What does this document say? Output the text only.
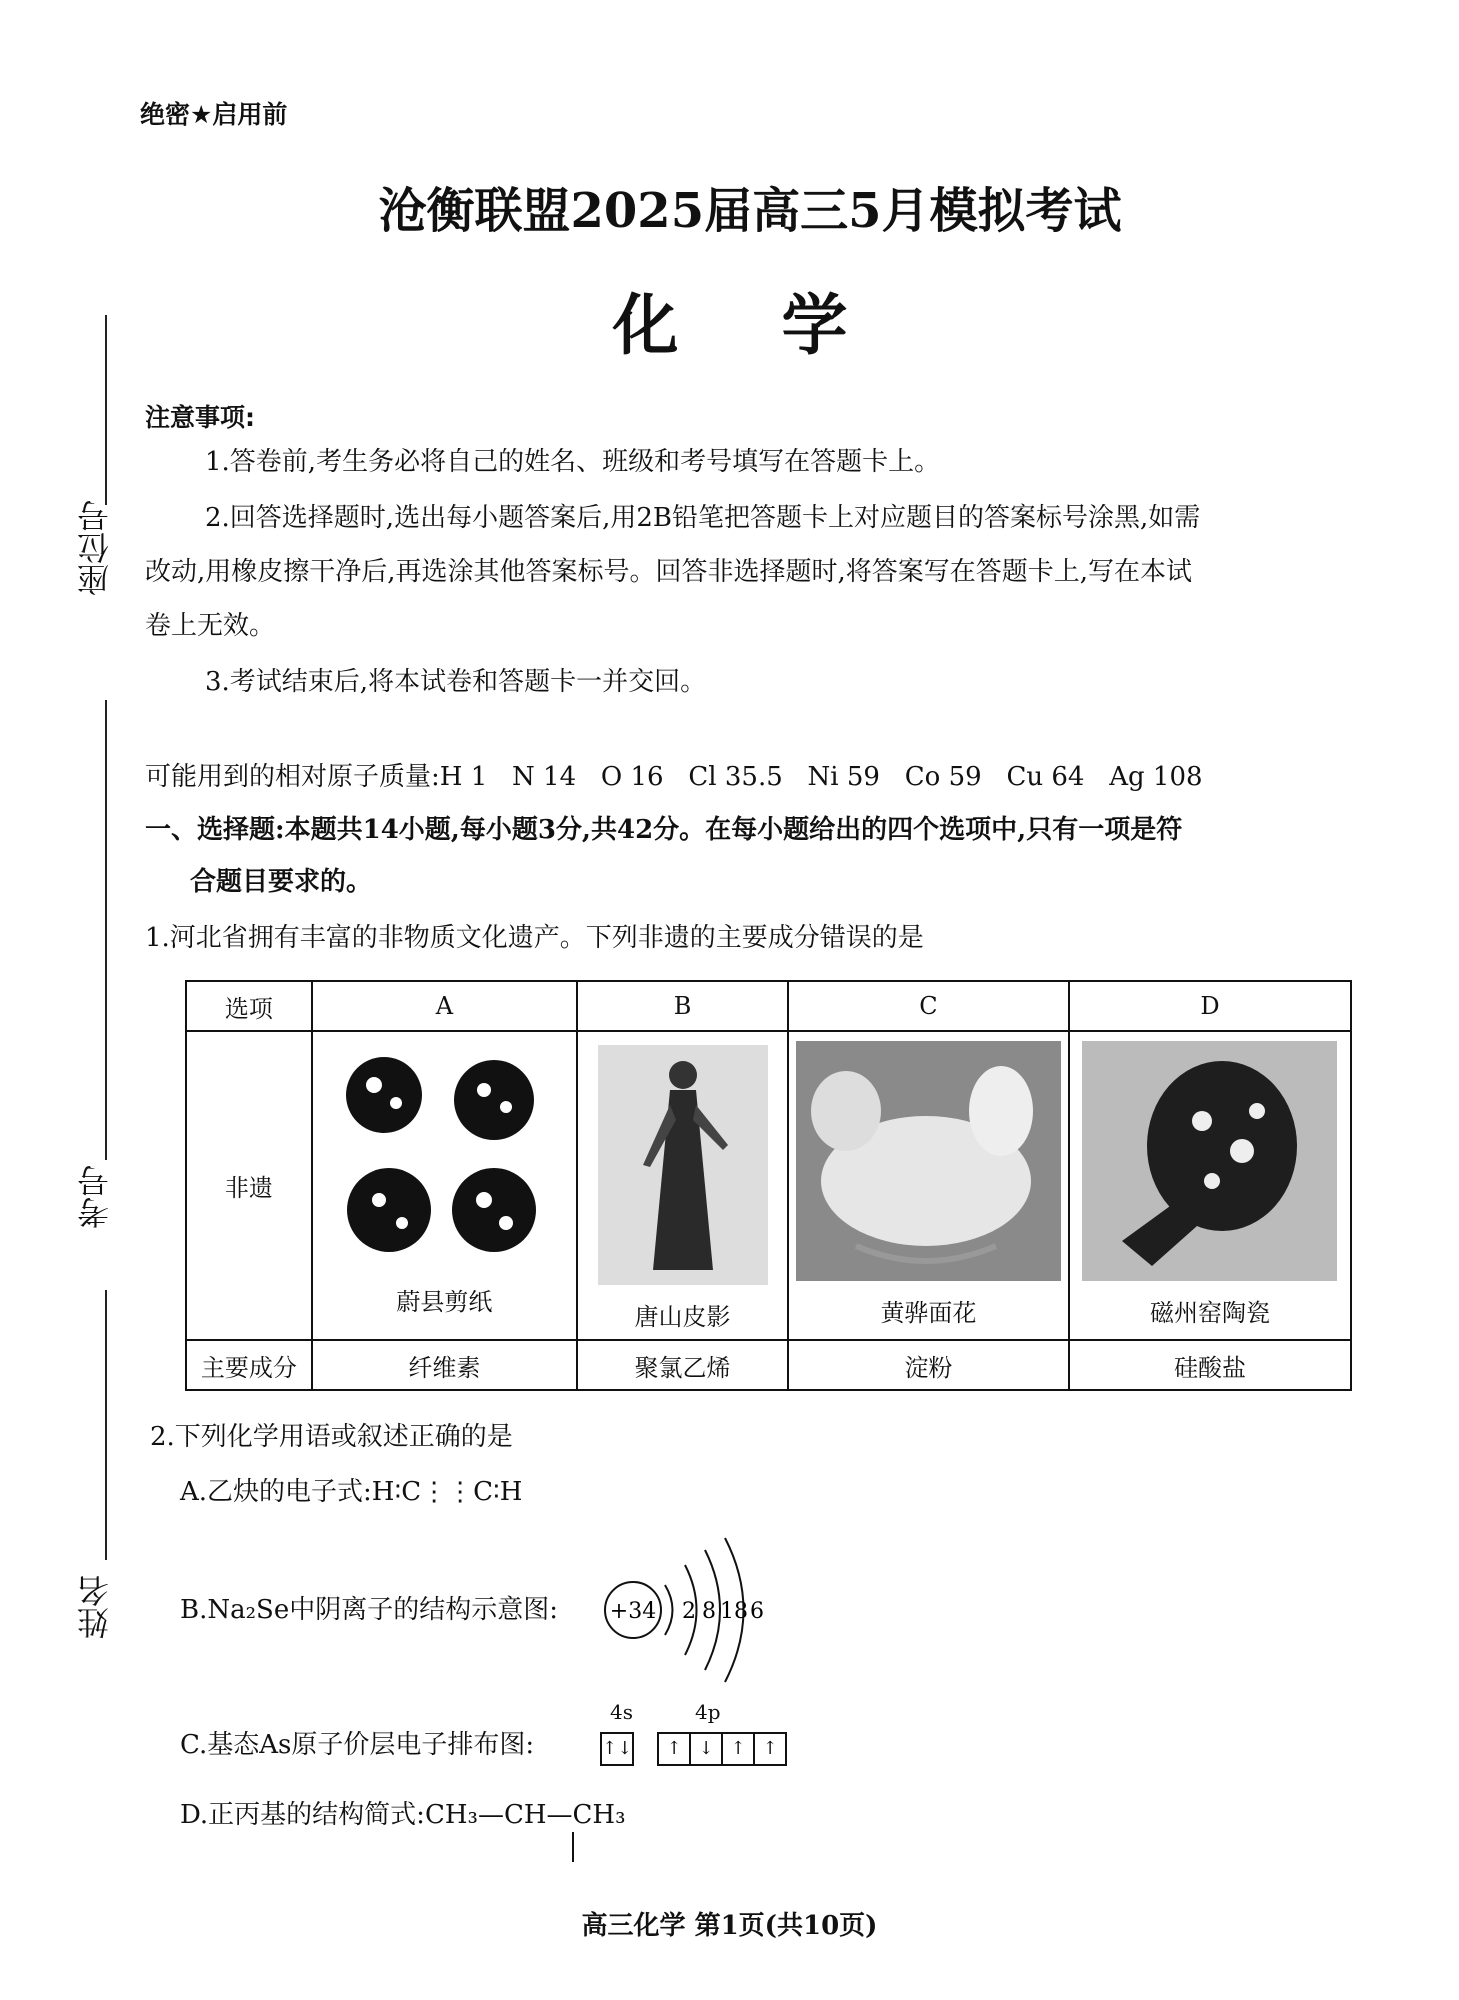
绝密★启用前
沧衡联盟2025届高三5月模拟考试
化 学
座位号
考号
姓名
注意事项:
1.答卷前,考生务必将自己的姓名、班级和考号填写在答题卡上。
2.回答选择题时,选出每小题答案后,用2B铅笔把答题卡上对应题目的答案标号涂黑,如需
改动,用橡皮擦干净后,再选涂其他答案标号。回答非选择题时,将答案写在答题卡上,写在本试
卷上无效。
3.考试结束后,将本试卷和答题卡一并交回。
可能用到的相对原子质量:H 1   N 14   O 16   Cl 35.5   Ni 59   Co 59   Cu 64   Ag 108
一、选择题:本题共14小题,每小题3分,共42分。在每小题给出的四个选项中,只有一项是符
合题目要求的。
1.河北省拥有丰富的非物质文化遗产。下列非遗的主要成分错误的是
选项	A	B	C	D
非遗	蔚县剪纸	唐山皮影	黄骅面花	磁州窑陶瓷

主要成分	纤维素	聚氯乙烯	淀粉	硅酸盐
2.下列化学用语或叙述正确的是
A.乙炔的电子式:H∶C⋮⋮C∶H
B.Na₂Se中阴离子的结构示意图: +34 2 8 18 6
C.基态As原子价层电子排布图:
4s
↑↓
4p
↑ ↓ ↑ ↑
D.正丙基的结构简式:CH₃—CH—CH₃
高三化学 第1页(共10页)
